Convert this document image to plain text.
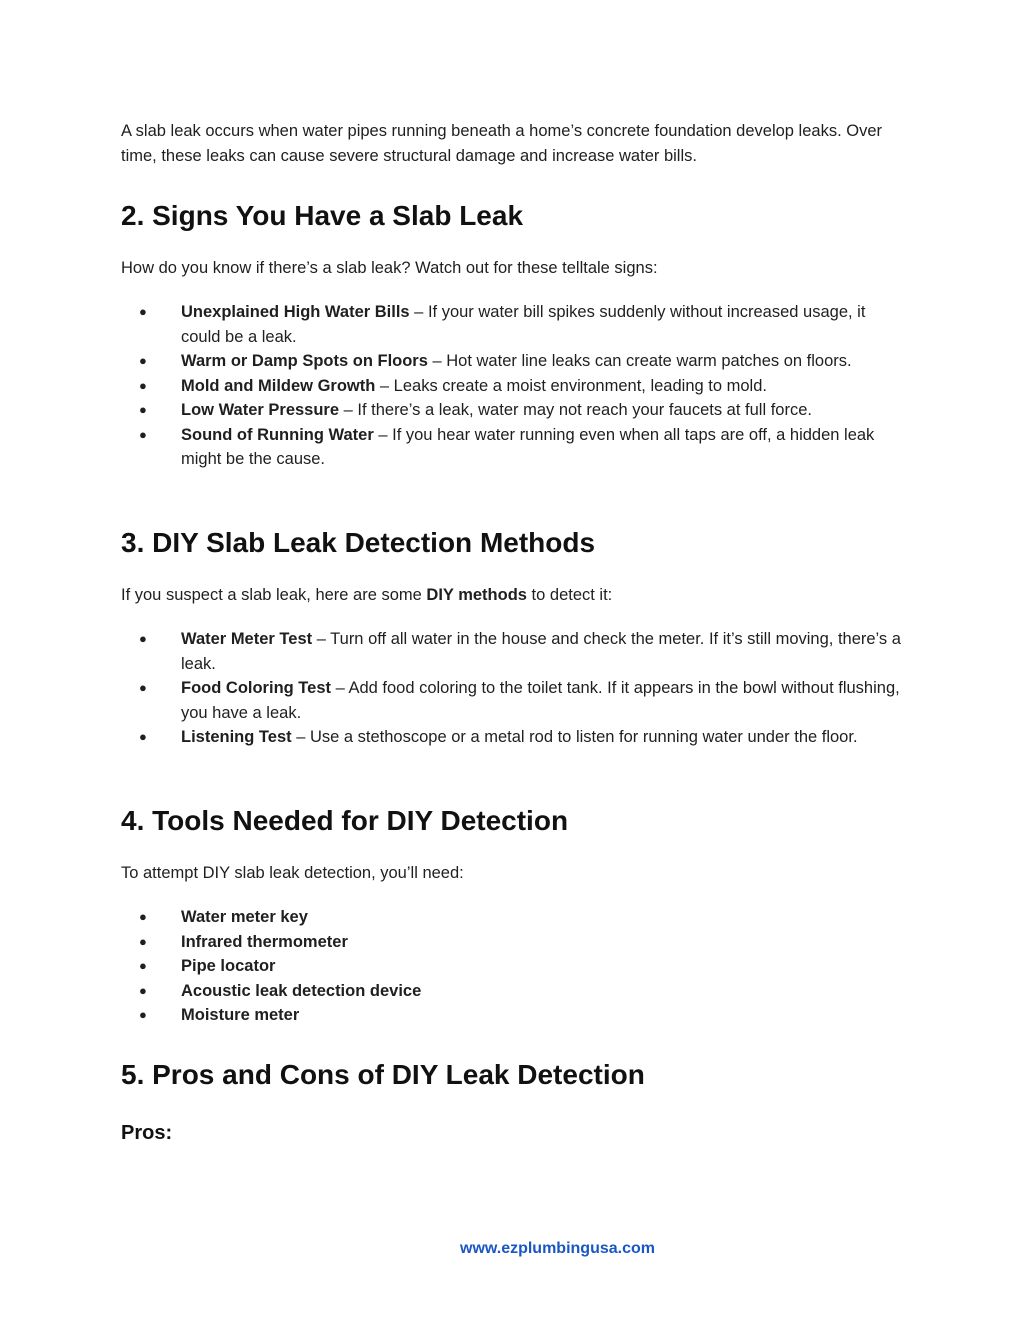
A slab leak occurs when water pipes running beneath a home’s concrete foundation develop leaks. Over time, these leaks can cause severe structural damage and increase water bills.

2. Signs You Have a Slab Leak

How do you know if there’s a slab leak? Watch out for these telltale signs:

● Unexplained High Water Bills – If your water bill spikes suddenly without increased usage, it could be a leak.
● Warm or Damp Spots on Floors – Hot water line leaks can create warm patches on floors.
● Mold and Mildew Growth – Leaks create a moist environment, leading to mold.
● Low Water Pressure – If there’s a leak, water may not reach your faucets at full force.
● Sound of Running Water – If you hear water running even when all taps are off, a hidden leak might be the cause.
3. DIY Slab Leak Detection Methods

If you suspect a slab leak, here are some DIY methods to detect it:

● Water Meter Test – Turn off all water in the house and check the meter. If it’s still moving, there’s a leak.
● Food Coloring Test – Add food coloring to the toilet tank. If it appears in the bowl without flushing, you have a leak.
● Listening Test – Use a stethoscope or a metal rod to listen for running water under the floor.
4. Tools Needed for DIY Detection

To attempt DIY slab leak detection, you’ll need:

● Water meter key
● Infrared thermometer
● Pipe locator
● Acoustic leak detection device
● Moisture meter
5. Pros and Cons of DIY Leak Detection
Pros:
www.ezplumbingusa.com
